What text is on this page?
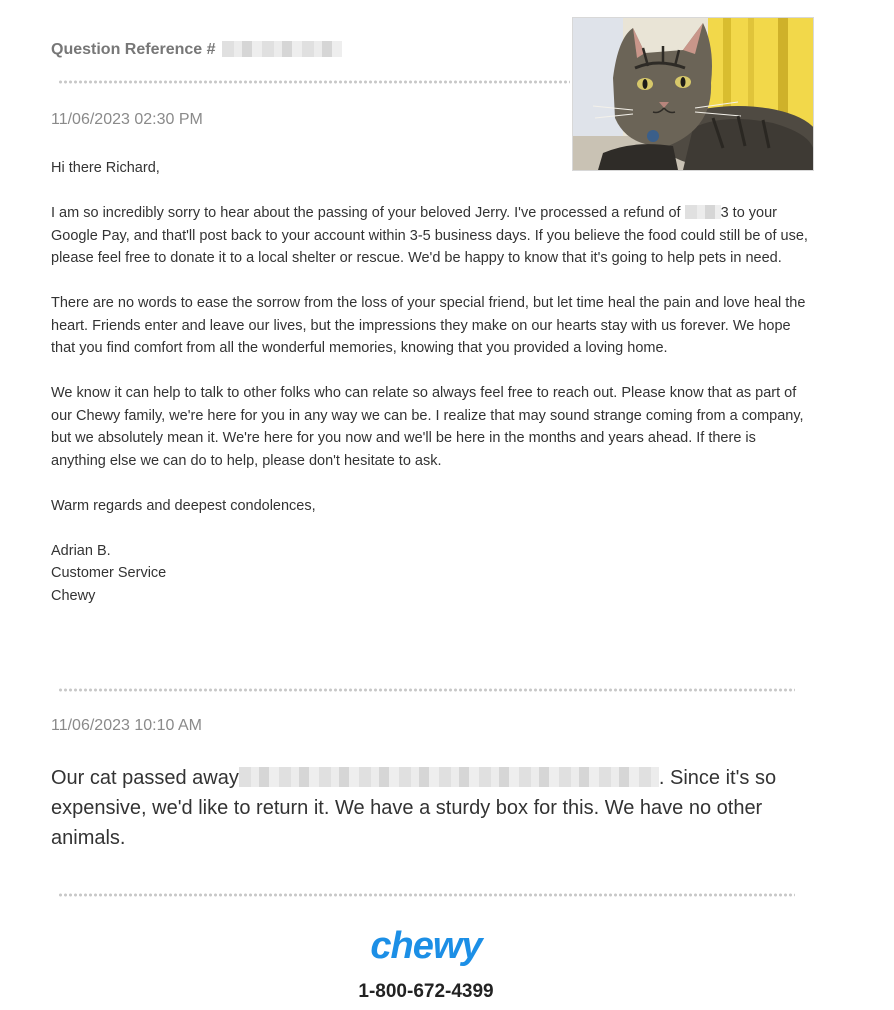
Question Reference #
11/06/2023 02:30 PM

Hi there Richard,

I am so incredibly sorry to hear about the passing of your beloved Jerry. I've processed a refund of	3 to your Google Pay, and that'll post back to your account within 3-5 business days. If you believe the food could still be of use, please feel free to donate it to a local shelter or rescue. We'd be happy to know that it's going to help pets in need.

There are no words to ease the sorrow from the loss of your special friend, but let time heal the pain and love heal the heart. Friends enter and leave our lives, but the impressions they make on our hearts stay with us forever. We hope that you find comfort from all the wonderful memories, knowing that you provided a loving home.

We know it can help to talk to other folks who can relate so always feel free to reach out. Please know that as part of our Chewy family, we're here for you in any way we can be. I realize that may sound strange coming from a company, but we absolutely mean it. We're here for you now and we'll be here in the months and years ahead. If there is anything else we can do to help, please don't hesitate to ask.

Warm regards and deepest condolences,

Adrian B.

Customer Service

Chewy

11/06/2023 10:10 AM

Our cat passed away	. Since it's so expensive, we'd like to return it. We have a sturdy box for this. We have no other animals.

chewy
1-800-672-4399
